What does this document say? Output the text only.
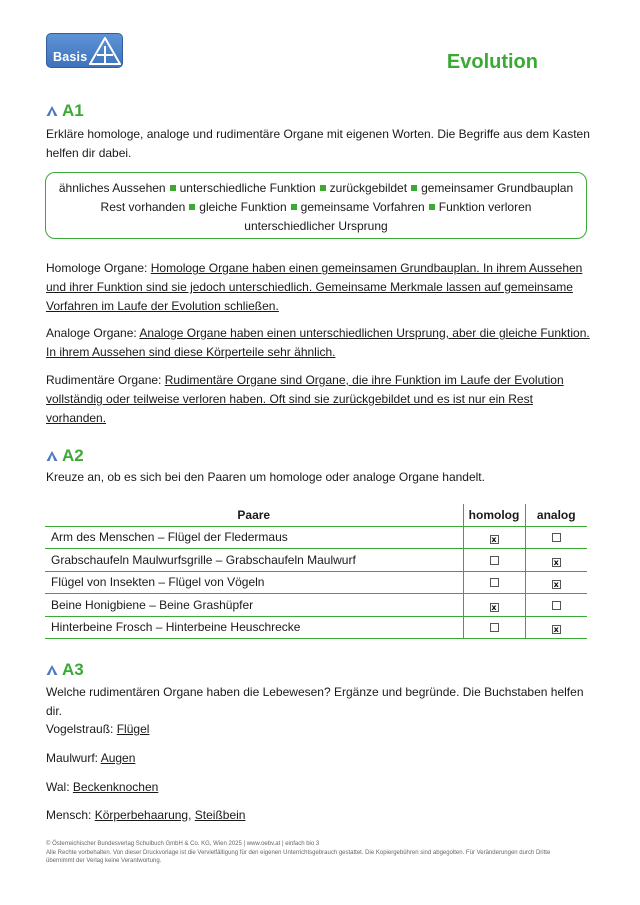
Basis	Evolution
A1
Erkläre homologe, analoge und rudimentäre Organe mit eigenen Worten. Die Begriffe aus dem Kasten helfen dir dabei.
ähnliches Aussehen unterschiedliche Funktion zurückgebildet gemeinsamer Grundbauplan
Rest vorhanden gleiche Funktion gemeinsame Vorfahren Funktion verloren
unterschiedlicher Ursprung
Homologe Organe: Homologe Organe haben einen gemeinsamen Grundbauplan. In ihrem Aussehen und ihrer Funktion sind sie jedoch unterschiedlich. Gemeinsame Merkmale lassen auf gemeinsame Vorfahren im Laufe der Evolution schließen.
Analoge Organe: Analoge Organe haben einen unterschiedlichen Ursprung, aber die gleiche Funktion. In ihrem Aussehen sind diese Körperteile sehr ähnlich.
Rudimentäre Organe: Rudimentäre Organe sind Organe, die ihre Funktion im Laufe der Evolution vollständig oder teilweise verloren haben. Oft sind sie zurückgebildet und es ist nur ein Rest vorhanden.
A2
Kreuze an, ob es sich bei den Paaren um homologe oder analoge Organe handelt.
Paare	homolog	analog
Arm des Menschen – Flügel der Fledermaus	x	
Grabschaufeln Maulwurfsgrille – Grabschaufeln Maulwurf		x
Flügel von Insekten – Flügel von Vögeln		x
Beine Honigbiene – Beine Grashüpfer	x	
Hinterbeine Frosch – Hinterbeine Heuschrecke		x
A3
Welche rudimentären Organe haben die Lebewesen? Ergänze und begründe. Die Buchstaben helfen dir.
Vogelstrauß: Flügel
Maulwurf: Augen
Wal: Beckenknochen
Mensch: Körperbehaarung, Steißbein
© Österreichischer Bundesverlag Schulbuch GmbH & Co. KG, Wien 2025 | www.oebv.at | einfach bio 3
Alle Rechte vorbehalten. Von dieser Druckvorlage ist die Vervielfältigung für den eigenen Unterrichtsgebrauch gestattet. Die Kopiergebühren sind abgegolten. Für Veränderungen durch Dritte übernimmt der Verlag keine Verantwortung.
